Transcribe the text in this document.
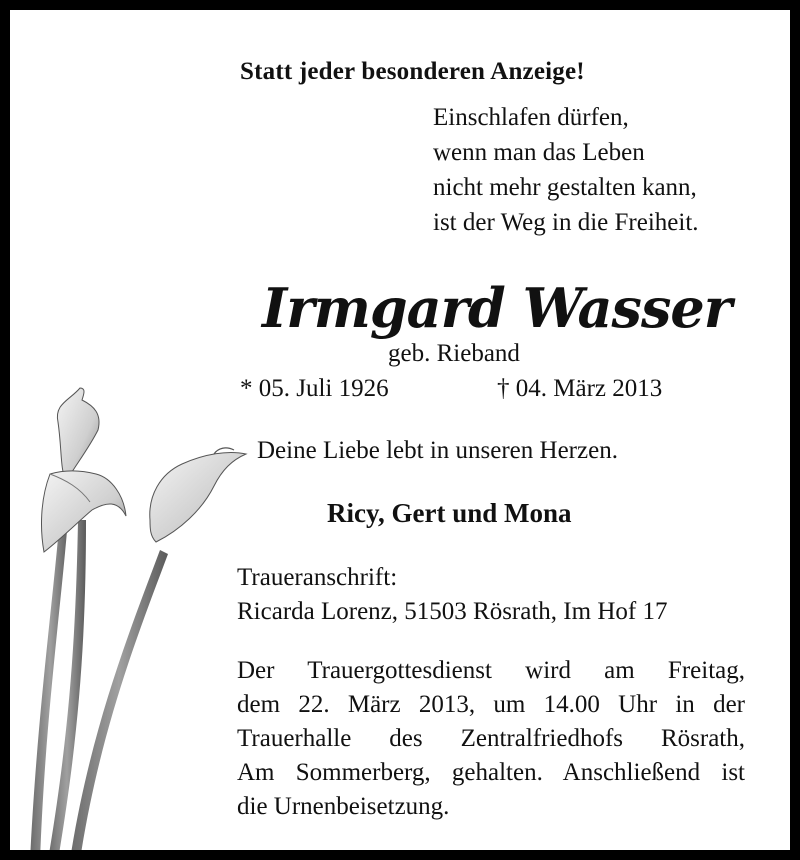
Statt jeder besonderen Anzeige!

Einschlafen dürfen,
wenn man das Leben
nicht mehr gestalten kann,
ist der Weg in die Freiheit.

Irmgard Wasser

geb. Rieband

* 05. Juli 1926	† 04. März 2013

Deine Liebe lebt in unseren Herzen.

Ricy, Gert und Mona

Traueranschrift:
Ricarda Lorenz, 51503 Rösrath, Im Hof 17
Der Trauergottesdienst wird am Freitag,
dem 22. März 2013, um 14.00 Uhr in der
Trauerhalle des Zentralfriedhofs Rösrath,
Am Sommerberg, gehalten. Anschließend ist
die Urnenbeisetzung.
